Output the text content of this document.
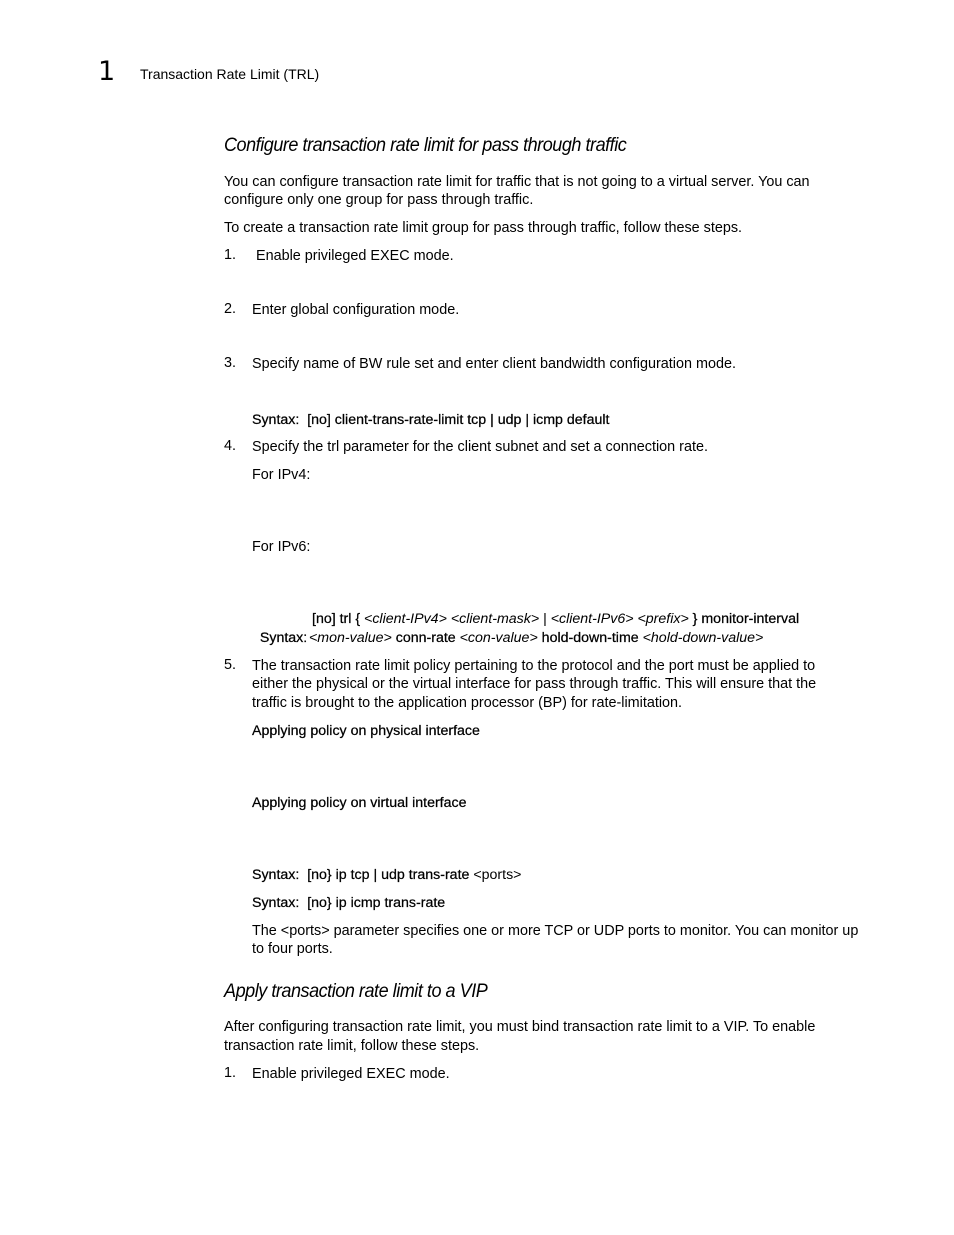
1 Transaction Rate Limit (TRL)
Configure transaction rate limit for pass through traffic
You can configure transaction rate limit for traffic that is not going to a virtual server. You can
configure only one group for pass through traffic.
To create a transaction rate limit group for pass through traffic, follow these steps.
1. Enable privileged EXEC mode.
2. Enter global configuration mode.
3. Specify name of BW rule set and enter client bandwidth configuration mode.
Syntax:  [no] client-trans-rate-limit tcp | udp | icmp default
4. Specify the trl parameter for the client subnet and set a connection rate.
For IPv4:
For IPv6:

Syntax:

[no] trl { <client-IPv4> <client-mask> | <client-IPv6> <prefix> } monitor-interval
<mon-value> conn-rate <con-value> hold-down-time <hold-down-value>
5. The transaction rate limit policy pertaining to the protocol and the port must be applied to
either the physical or the virtual interface for pass through traffic. This will ensure that the
traffic is brought to the application processor (BP) for rate-limitation.
Applying policy on physical interface
Applying policy on virtual interface
Syntax:  [no} ip tcp | udp trans-rate <ports>
Syntax:  [no} ip icmp trans-rate
The <ports> parameter specifies one or more TCP or UDP ports to monitor. You can monitor up
to four ports.
Apply transaction rate limit to a VIP
After configuring transaction rate limit, you must bind transaction rate limit to a VIP. To enable
transaction rate limit, follow these steps.
1. Enable privileged EXEC mode.
